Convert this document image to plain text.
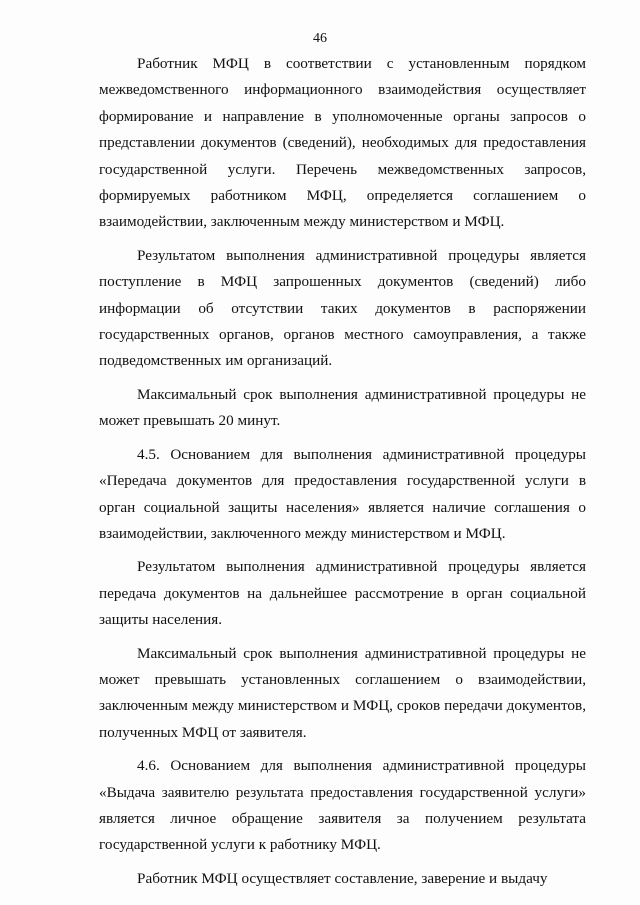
46

Работник МФЦ в соответствии с установленным порядком межведомственного информационного взаимодействия осуществляет формирование и направление в уполномоченные органы запросов о представлении документов (сведений), необходимых для предоставления государственной услуги. Перечень межведомственных запросов, формируемых работником МФЦ, определяется соглашением о взаимодействии, заключенным между министерством и МФЦ.

Результатом выполнения административной процедуры является поступление в МФЦ запрошенных документов (сведений) либо информации об отсутствии таких документов в распоряжении государственных органов, органов местного самоуправления, а также подведомственных им организаций.

Максимальный срок выполнения административной процедуры не может превышать 20 минут.

4.5. Основанием для выполнения административной процедуры «Передача документов для предоставления государственной услуги в орган социальной защиты населения» является наличие соглашения о взаимодействии, заключенного между министерством и МФЦ.

Результатом выполнения административной процедуры является передача документов на дальнейшее рассмотрение в орган социальной защиты населения.

Максимальный срок выполнения административной процедуры не может превышать установленных соглашением о взаимодействии, заключенным между министерством и МФЦ, сроков передачи документов, полученных МФЦ от заявителя.

4.6. Основанием для выполнения административной процедуры «Выдача заявителю результата предоставления государственной услуги» является личное обращение заявителя за получением результата государственной услуги к работнику МФЦ.

Работник МФЦ осуществляет составление, заверение и выдачу
